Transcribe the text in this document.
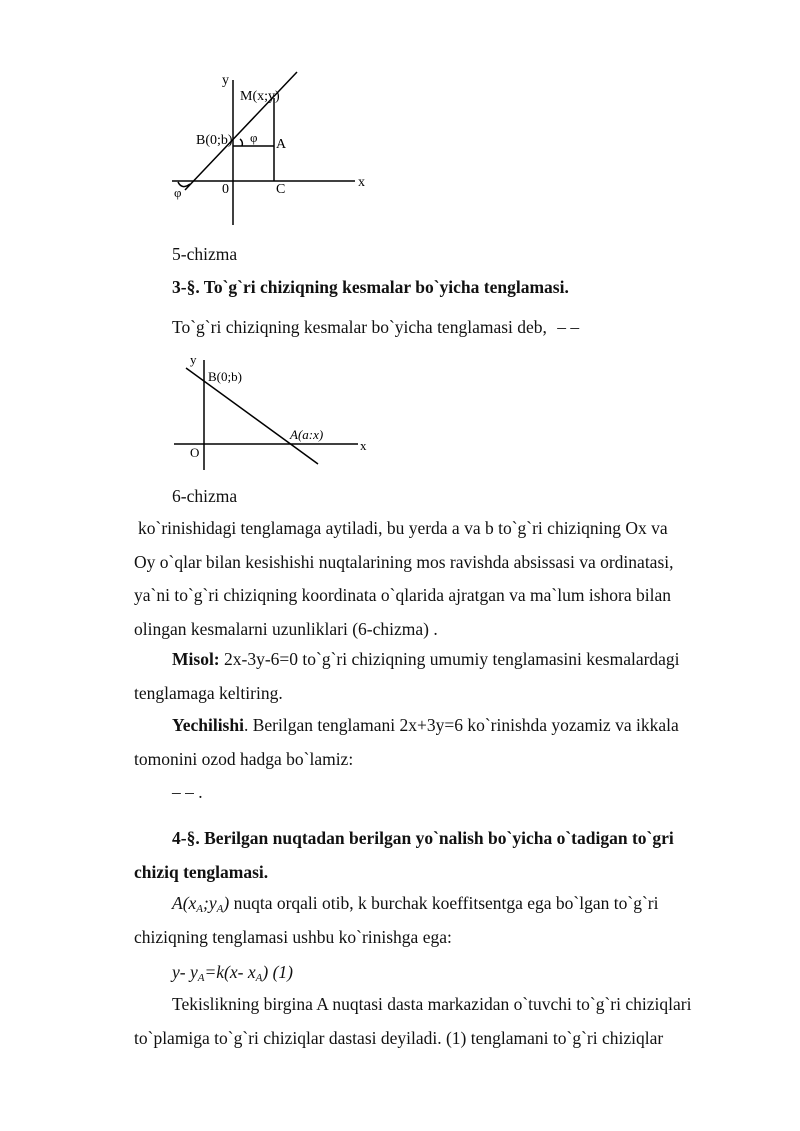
y
M(x;y)
B(0;b) φ A
φ	0	C	x
5-chizma
3-§. To`g`ri chiziqning kesmalar bo`yicha tenglamasi.
To`g`ri chiziqning kesmalar bo`yicha tenglamasi deb, – –
y
B(0;b)
A(a:x)
x
O
6-chizma
ko`rinishidagi tenglamaga aytiladi, bu yerda a va b to`g`ri chiziqning Ox va
Oy o`qlar bilan kesishishi nuqtalarining mos ravishda absissasi va ordinatasi,
ya`ni to`g`ri chiziqning koordinata o`qlarida ajratgan va ma`lum ishora bilan
olingan kesmalarni uzunliklari (6-chizma) .
Misol: 2x-3y-6=0 to`g`ri chiziqning umumiy tenglamasini kesmalardagi
tenglamaga keltiring.
Yechilishi. Berilgan tenglamani 2x+3y=6 ko`rinishda yozamiz va ikkala
tomonini ozod hadga bo`lamiz:
– – .
4-§. Berilgan nuqtadan berilgan yo`nalish bo`yicha o`tadigan to`gri
chiziq tenglamasi.
$A(x_A;y_A)$ nuqta orqali otib, k burchak koeffitsentga ega bo`lgan to`g`ri
chiziqning tenglamasi ushbu ko`rinishga ega:
y- $y_A=k(x-$ $x_A$) (1)
Tekislikning birgina A nuqtasi dasta markazidan o`tuvchi to`g`ri chiziqlari
to`plamiga to`g`ri chiziqlar dastasi deyiladi. (1) tenglamani to`g`ri chiziqlar
